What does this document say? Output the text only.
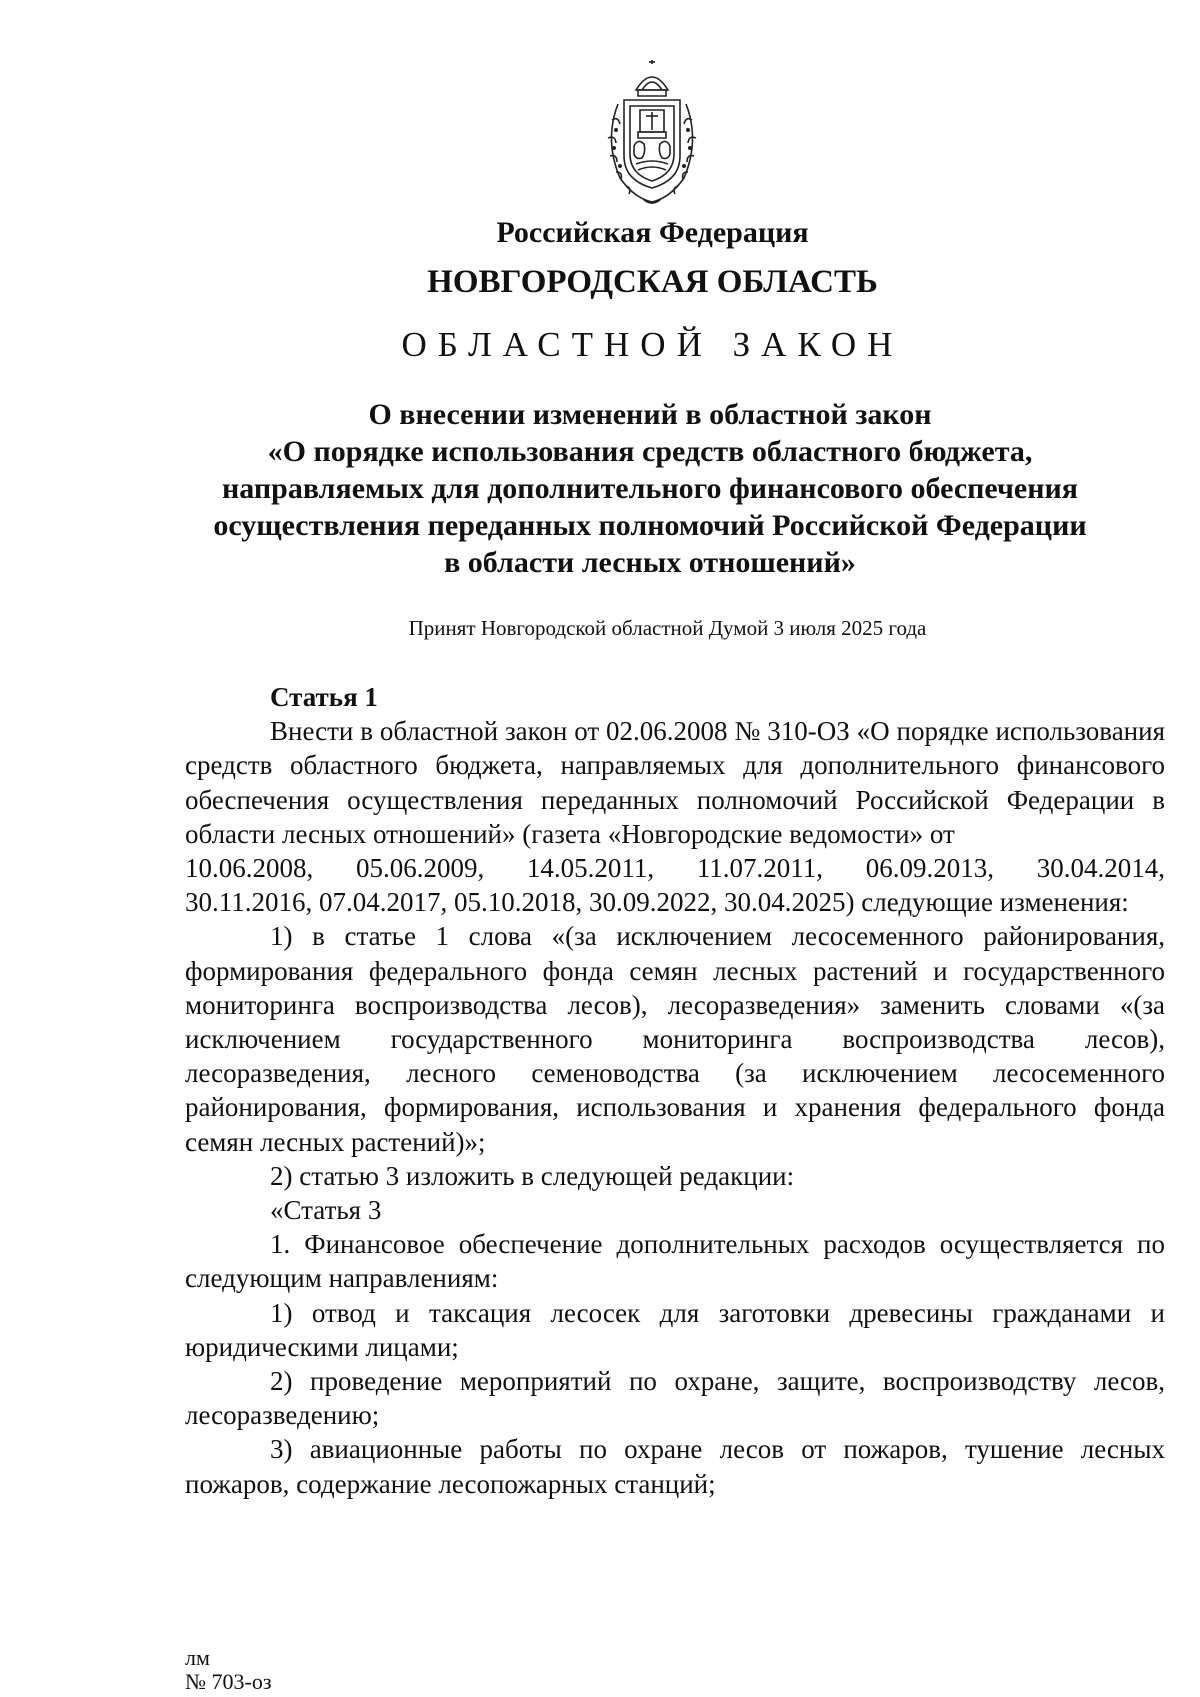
Российская Федерация
НОВГОРОДСКАЯ ОБЛАСТЬ
ОБЛАСТНОЙ ЗАКОН
О внесении изменений в областной закон
«О порядке использования средств областного бюджета,
направляемых для дополнительного финансового обеспечения
осуществления переданных полномочий Российской Федерации
в области лесных отношений»
Принят Новгородской областной Думой 3 июля 2025 года

Статья 1

Внести в областной закон от 02.06.2008 № 310-ОЗ «О порядке использования средств областного бюджета, направляемых для дополнительного финансового обеспечения осуществления переданных полномочий Российской Федерации в области лесных отношений» (газета «Новгородские ведомости» от

10.06.2008, 05.06.2009, 14.05.2011, 11.07.2011, 06.09.2013, 30.04.2014,

30.11.2016, 07.04.2017, 05.10.2018, 30.09.2022, 30.04.2025) следующие изменения:

1) в статье 1 слова «(за исключением лесосеменного районирования, формирования федерального фонда семян лесных растений и государственного мониторинга воспроизводства лесов), лесоразведения» заменить словами «(за исключением государственного мониторинга воспроизводства лесов), лесоразведения, лесного семеноводства (за исключением лесосеменного районирования, формирования, использования и хранения федерального фонда семян лесных растений)»;

2) статью 3 изложить в следующей редакции:

«Статья 3

1. Финансовое обеспечение дополнительных расходов осуществляется по следующим направлениям:

1) отвод и таксация лесосек для заготовки древесины гражданами и юридическими лицами;

2) проведение мероприятий по охране, защите, воспроизводству лесов, лесоразведению;

3) авиационные работы по охране лесов от пожаров, тушение лесных пожаров, содержание лесопожарных станций;

лм
№ 703-оз
